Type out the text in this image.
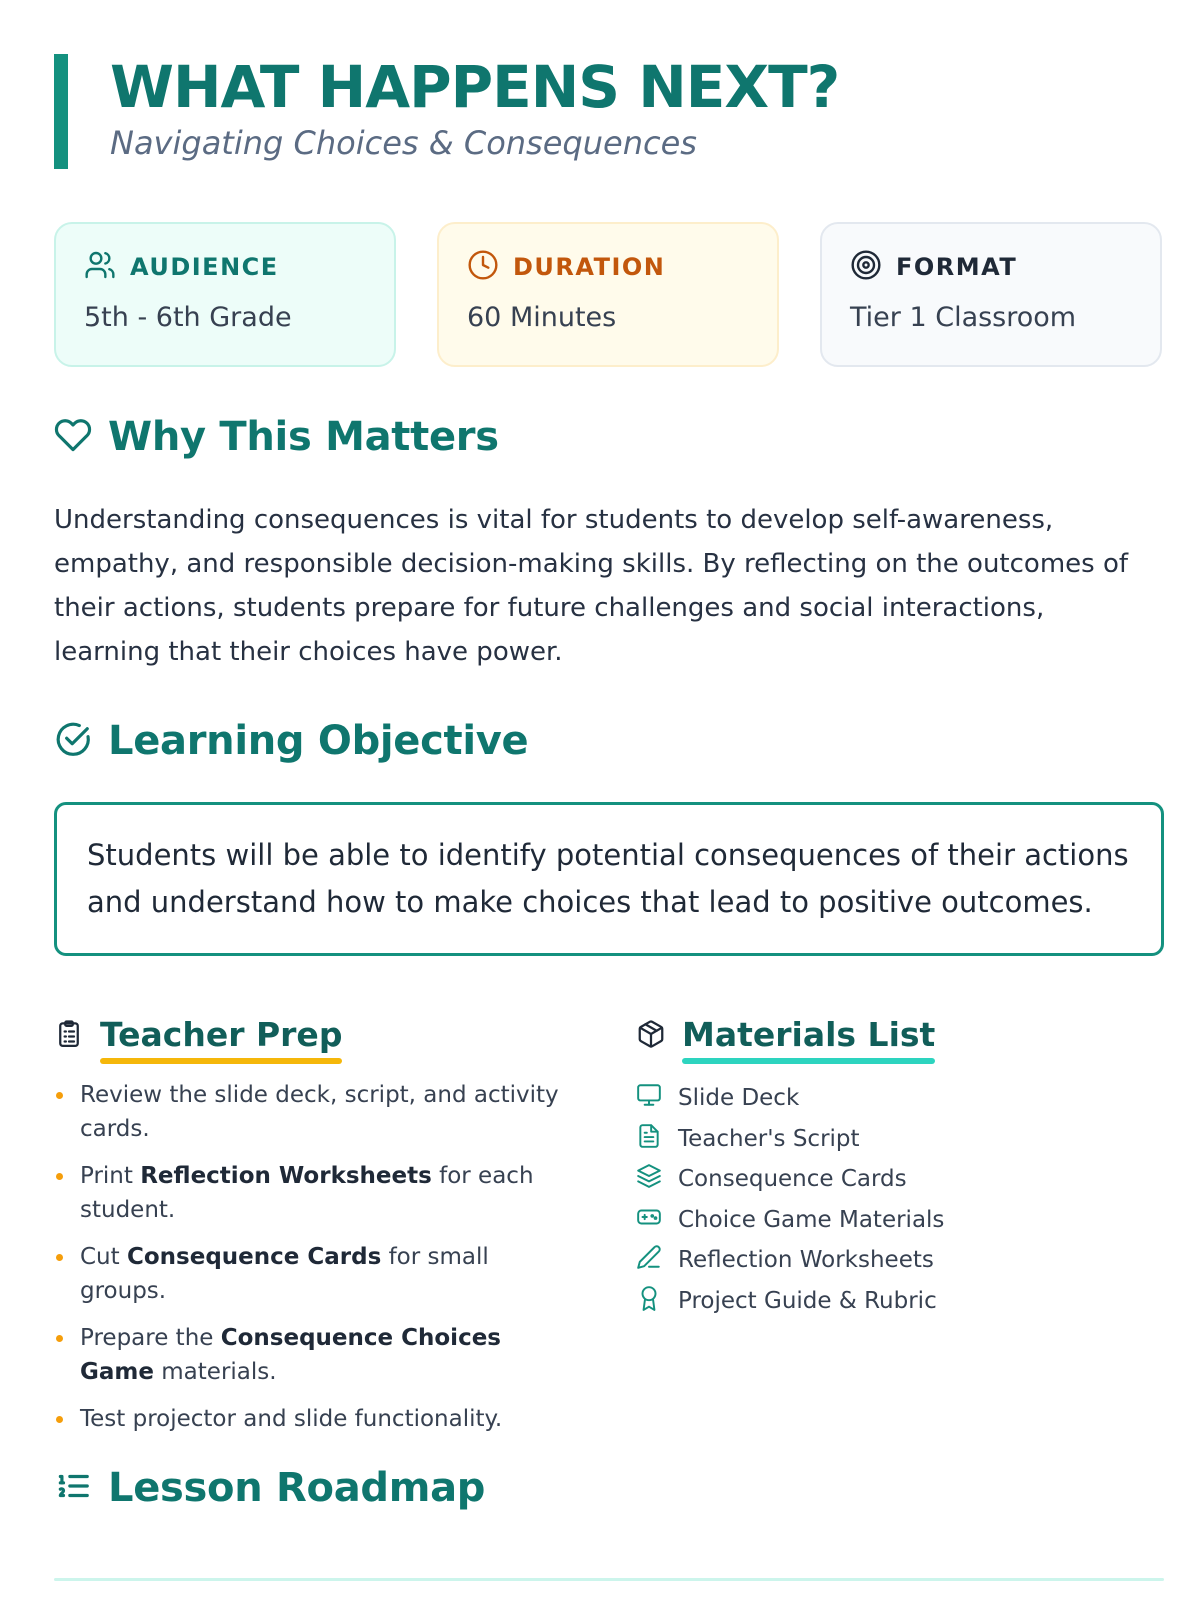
WHAT HAPPENS NEXT?
Navigating Choices & Consequences
AUDIENCE
5th - 6th Grade
DURATION
60 Minutes
FORMAT
Tier 1 Classroom
Why This Matters
Understanding consequences is vital for students to develop self-awareness, empathy, and responsible decision-making skills. By reflecting on the outcomes of their actions, students prepare for future challenges and social interactions, learning that their choices have power.
Learning Objective
Students will be able to identify potential consequences of their actions and understand how to make choices that lead to positive outcomes.
Teacher Prep
Review the slide deck, script, and activity cards.
Print Reflection Worksheets for each student.
Cut Consequence Cards for small groups.
Prepare the Consequence Choices Game materials.
Test projector and slide functionality.
Materials List
Slide Deck
Teacher's Script
Consequence Cards
Choice Game Materials
Reflection Worksheets
Project Guide & Rubric
Lesson Roadmap
